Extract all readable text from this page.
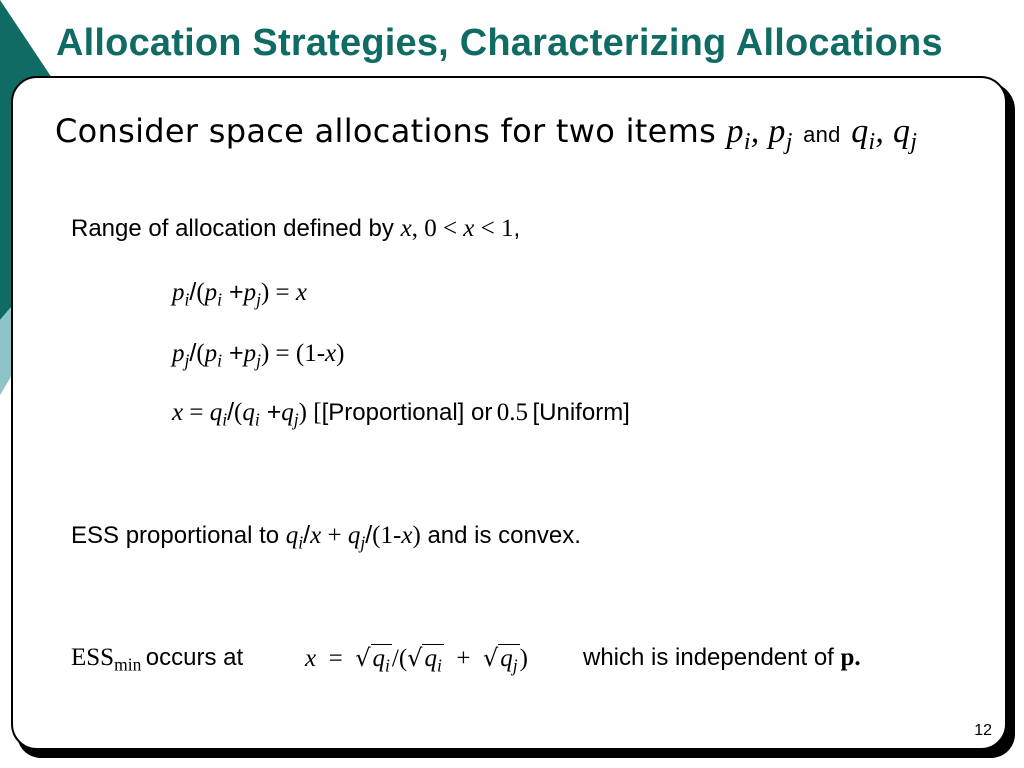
Allocation Strategies, Characterizing Allocations
Consider space allocations for two items $p_i$, $p_j$ and $q_i$, $q_j$
Range of allocation defined by x, 0 < x < 1,
$p_i/(p_i +p_j) = x$
$p_j/(p_i +p_j) = (1-x)$
$x = q_i/(q_i +q_j)$ [[Proportional] or 0.5 [Uniform]
ESS proportional to $q_i/x + q_j/(1-x)$ and is convex.
$ESS_{min}$ occurs at $x = √q_i/(√q_i + √q_j)$ which is independent of p.
12
